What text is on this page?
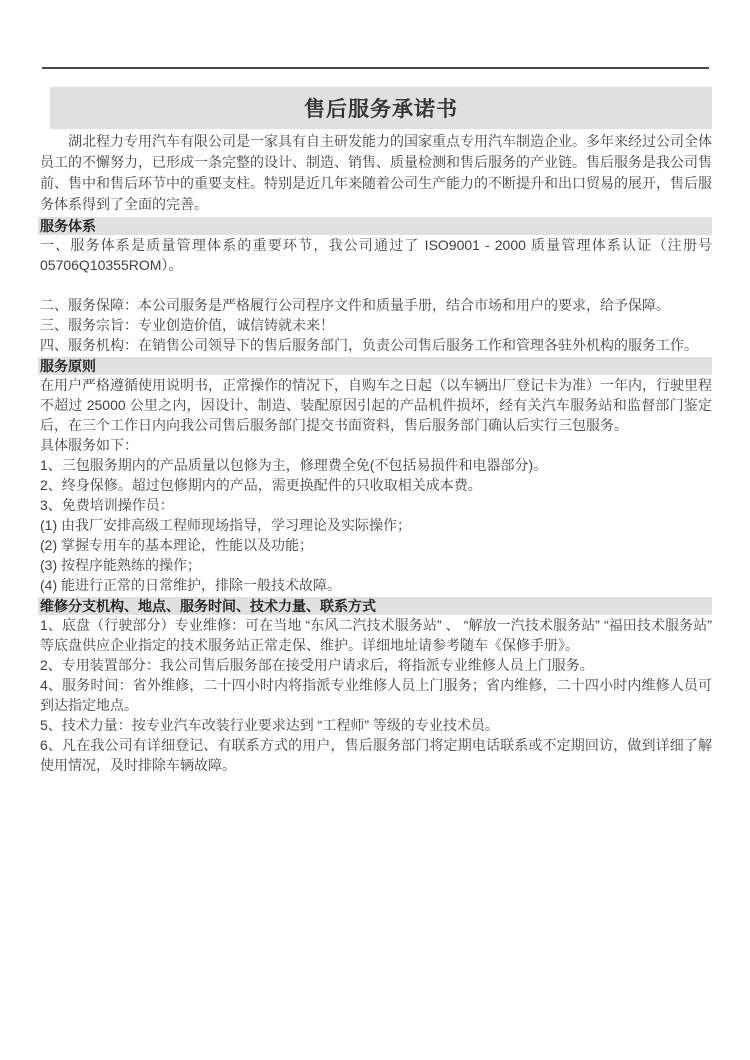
售后服务承诺书

湖北程力专用汽车有限公司是一家具有自主研发能力的国家重点专用汽车制造企业。多年来经过公司全体员工的不懈努力，已形成一条完整的设计、制造、销售、质量检测和售后服务的产业链。售后服务是我公司售前、售中和售后环节中的重要支柱。特别是近几年来随着公司生产能力的不断提升和出口贸易的展开，售后服务体系得到了全面的完善。

服务体系

一、服务体系是质量管理体系的重要环节，我公司通过了 ISO9001 - 2000 质量管理体系认证（注册号 05706Q10355ROM）。

二、服务保障：本公司服务是严格履行公司程序文件和质量手册，结合市场和用户的要求，给予保障。

三、服务宗旨：专业创造价值，诚信铸就未来！

四、服务机构：在销售公司领导下的售后服务部门，负责公司售后服务工作和管理各驻外机构的服务工作。

服务原则

在用户严格遵循使用说明书，正常操作的情况下，自购车之日起（以车辆出厂登记卡为准）一年内，行驶里程不超过 25000 公里之内，因设计、制造、装配原因引起的产品机件损坏，经有关汽车服务站和监督部门鉴定后，在三个工作日内向我公司售后服务部门提交书面资料，售后服务部门确认后实行三包服务。

具体服务如下：

1、三包服务期内的产品质量以包修为主，修理费全免(不包括易损件和电器部分)。

2、终身保修。超过包修期内的产品，需更换配件的只收取相关成本费。

3、免费培训操作员：

(1) 由我厂安排高级工程师现场指导，学习理论及实际操作；

(2) 掌握专用车的基本理论，性能以及功能；

(3) 按程序能熟练的操作；

(4) 能进行正常的日常维护，排除一般技术故障。

维修分支机构、地点、服务时间、技术力量、联系方式

1、底盘（行驶部分）专业维修：可在当地 “东风二汽技术服务站” 、 “解放一汽技术服务站” “福田技术服务站” 等底盘供应企业指定的技术服务站正常走保、维护。详细地址请参考随车《保修手册》。

2、专用装置部分：我公司售后服务部在接受用户请求后，将指派专业维修人员上门服务。

4、服务时间：省外维修，二十四小时内将指派专业维修人员上门服务；省内维修，二十四小时内维修人员可到达指定地点。

5、技术力量：按专业汽车改装行业要求达到 “工程师” 等级的专业技术员。

6、凡在我公司有详细登记、有联系方式的用户，售后服务部门将定期电话联系或不定期回访，做到详细了解使用情况，及时排除车辆故障。
